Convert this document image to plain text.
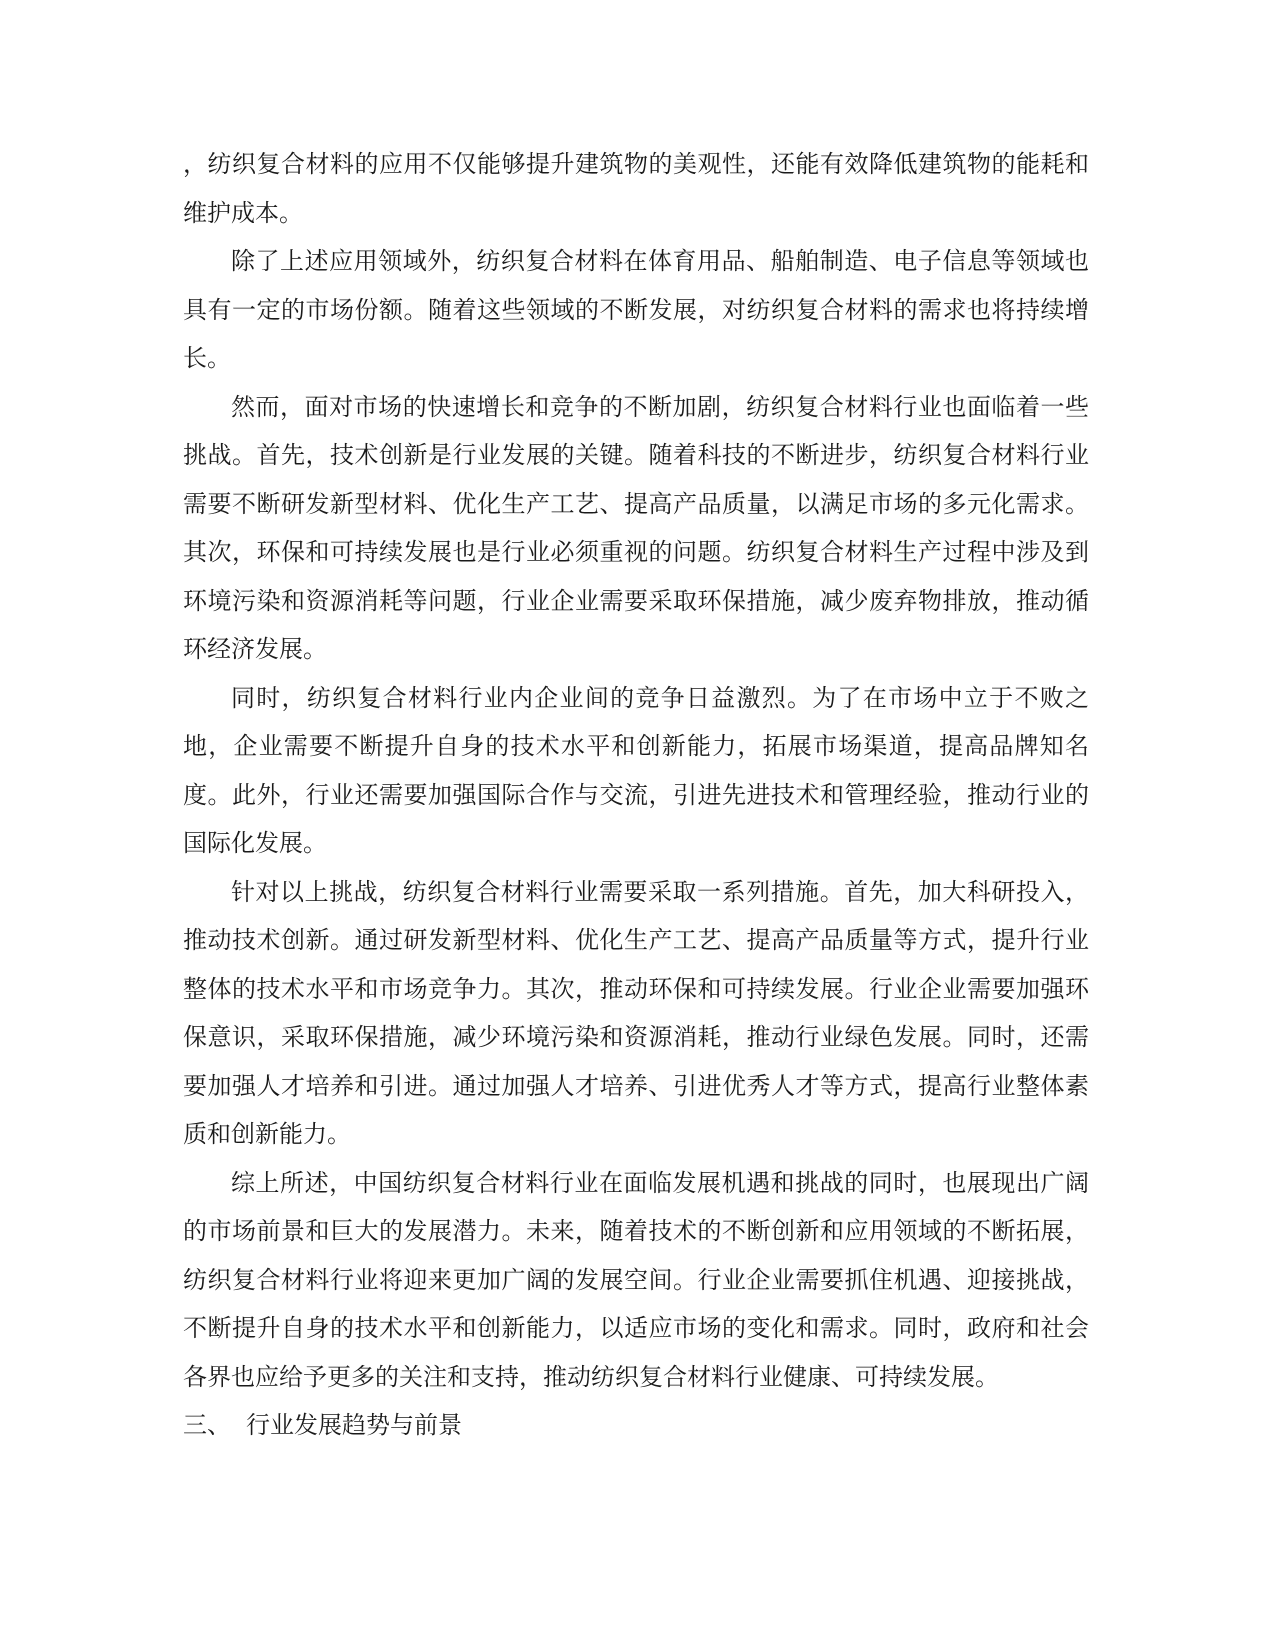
，纺织复合材料的应用不仅能够提升建筑物的美观性，还能有效降低建筑物的能耗和维护成本。

除了上述应用领域外，纺织复合材料在体育用品、船舶制造、电子信息等领域也具有一定的市场份额。随着这些领域的不断发展，对纺织复合材料的需求也将持续增长。

然而，面对市场的快速增长和竞争的不断加剧，纺织复合材料行业也面临着一些挑战。首先，技术创新是行业发展的关键。随着科技的不断进步，纺织复合材料行业需要不断研发新型材料、优化生产工艺、提高产品质量，以满足市场的多元化需求。其次，环保和可持续发展也是行业必须重视的问题。纺织复合材料生产过程中涉及到环境污染和资源消耗等问题，行业企业需要采取环保措施，减少废弃物排放，推动循环经济发展。

同时，纺织复合材料行业内企业间的竞争日益激烈。为了在市场中立于不败之地，企业需要不断提升自身的技术水平和创新能力，拓展市场渠道，提高品牌知名度。此外，行业还需要加强国际合作与交流，引进先进技术和管理经验，推动行业的国际化发展。

针对以上挑战，纺织复合材料行业需要采取一系列措施。首先，加大科研投入，推动技术创新。通过研发新型材料、优化生产工艺、提高产品质量等方式，提升行业整体的技术水平和市场竞争力。其次，推动环保和可持续发展。行业企业需要加强环保意识，采取环保措施，减少环境污染和资源消耗，推动行业绿色发展。同时，还需要加强人才培养和引进。通过加强人才培养、引进优秀人才等方式，提高行业整体素质和创新能力。

综上所述，中国纺织复合材料行业在面临发展机遇和挑战的同时，也展现出广阔的市场前景和巨大的发展潜力。未来，随着技术的不断创新和应用领域的不断拓展，纺织复合材料行业将迎来更加广阔的发展空间。行业企业需要抓住机遇、迎接挑战，不断提升自身的技术水平和创新能力，以适应市场的变化和需求。同时，政府和社会各界也应给予更多的关注和支持，推动纺织复合材料行业健康、可持续发展。

三、 行业发展趋势与前景
